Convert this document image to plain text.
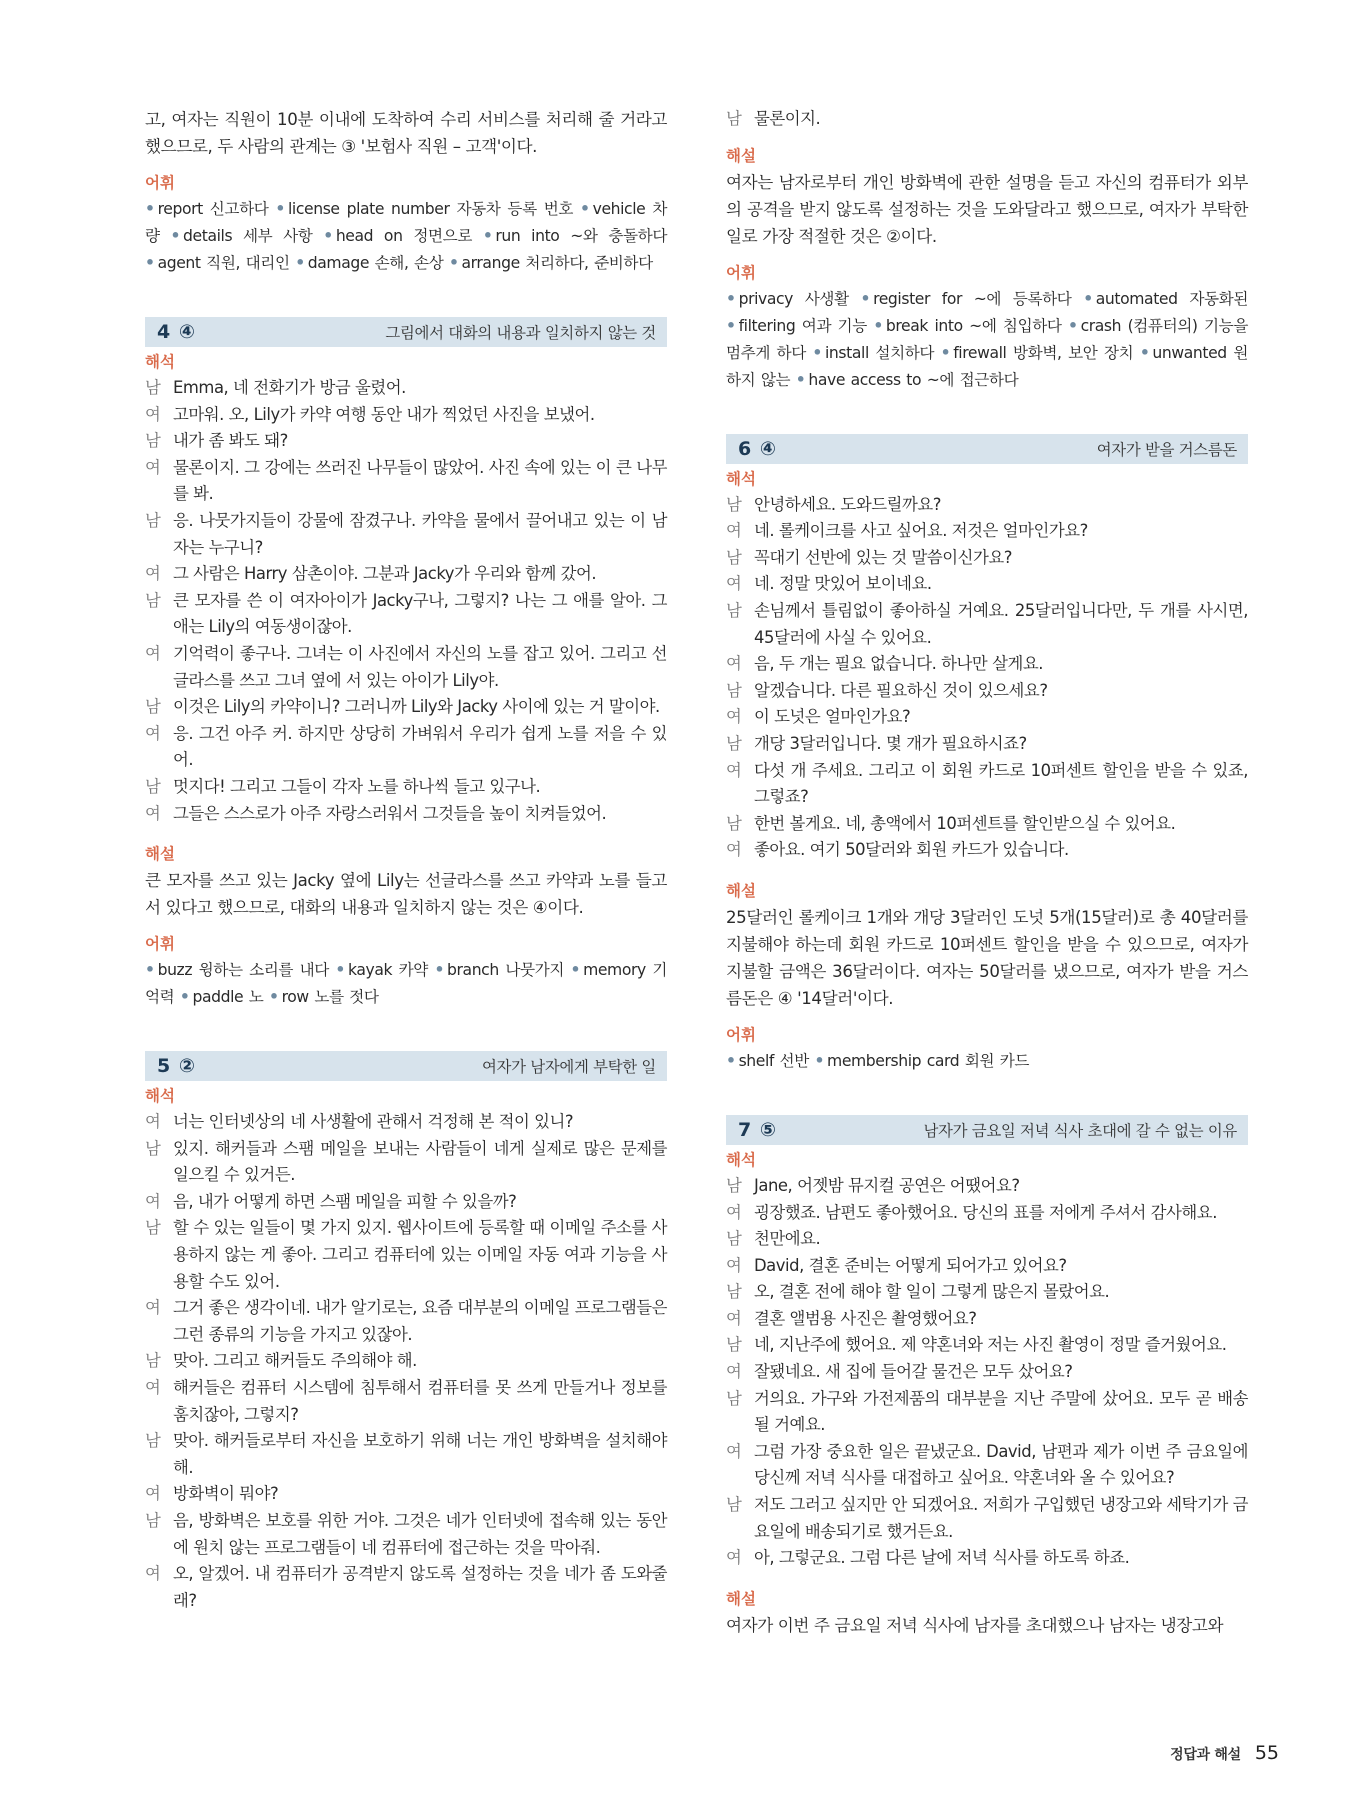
고, 여자는 직원이 10분 이내에 도착하여 수리 서비스를 처리해 줄 거라고 했으므로, 두 사람의 관계는 ③ '보험사 직원 – 고객'이다.

어휘
• report 신고하다 • license plate number 자동차 등록 번호 • vehicle 차량 • details 세부 사항 • head on 정면으로 • run into ~와 충돌하다 • agent 직원, 대리인 • damage 손해, 손상 • arrange 처리하다, 준비하다
4 ④	그림에서 대화의 내용과 일치하지 않는 것
해석
남 Emma, 네 전화기가 방금 울렸어.
여 고마워. 오, Lily가 카약 여행 동안 내가 찍었던 사진을 보냈어.
남 내가 좀 봐도 돼?
여 물론이지. 그 강에는 쓰러진 나무들이 많았어. 사진 속에 있는 이 큰 나무를 봐.
남 응. 나뭇가지들이 강물에 잠겼구나. 카약을 물에서 끌어내고 있는 이 남자는 누구니?
여 그 사람은 Harry 삼촌이야. 그분과 Jacky가 우리와 함께 갔어.
남 큰 모자를 쓴 이 여자아이가 Jacky구나, 그렇지? 나는 그 애를 알아. 그 애는 Lily의 여동생이잖아.
여 기억력이 좋구나. 그녀는 이 사진에서 자신의 노를 잡고 있어. 그리고 선글라스를 쓰고 그녀 옆에 서 있는 아이가 Lily야.
남 이것은 Lily의 카약이니? 그러니까 Lily와 Jacky 사이에 있는 거 말이야.
여 응. 그건 아주 커. 하지만 상당히 가벼워서 우리가 쉽게 노를 저을 수 있어.
남 멋지다! 그리고 그들이 각자 노를 하나씩 들고 있구나.
여 그들은 스스로가 아주 자랑스러워서 그것들을 높이 치켜들었어.
해설

큰 모자를 쓰고 있는 Jacky 옆에 Lily는 선글라스를 쓰고 카약과 노를 들고 서 있다고 했으므로, 대화의 내용과 일치하지 않는 것은 ④이다.

어휘
• buzz 윙하는 소리를 내다 • kayak 카약 • branch 나뭇가지 • memory 기억력 • paddle 노 • row 노를 젓다
5 ②	여자가 남자에게 부탁한 일
해석
여 너는 인터넷상의 네 사생활에 관해서 걱정해 본 적이 있니?
남 있지. 해커들과 스팸 메일을 보내는 사람들이 네게 실제로 많은 문제를 일으킬 수 있거든.
여 음, 내가 어떻게 하면 스팸 메일을 피할 수 있을까?
남 할 수 있는 일들이 몇 가지 있지. 웹사이트에 등록할 때 이메일 주소를 사용하지 않는 게 좋아. 그리고 컴퓨터에 있는 이메일 자동 여과 기능을 사용할 수도 있어.
여 그거 좋은 생각이네. 내가 알기로는, 요즘 대부분의 이메일 프로그램들은 그런 종류의 기능을 가지고 있잖아.
남 맞아. 그리고 해커들도 주의해야 해.
여 해커들은 컴퓨터 시스템에 침투해서 컴퓨터를 못 쓰게 만들거나 정보를 훔치잖아, 그렇지?
남 맞아. 해커들로부터 자신을 보호하기 위해 너는 개인 방화벽을 설치해야 해.
여 방화벽이 뭐야?
남 음, 방화벽은 보호를 위한 거야. 그것은 네가 인터넷에 접속해 있는 동안에 원치 않는 프로그램들이 네 컴퓨터에 접근하는 것을 막아줘.
여 오, 알겠어. 내 컴퓨터가 공격받지 않도록 설정하는 것을 네가 좀 도와줄래?
남 물론이지.
해설

여자는 남자로부터 개인 방화벽에 관한 설명을 듣고 자신의 컴퓨터가 외부의 공격을 받지 않도록 설정하는 것을 도와달라고 했으므로, 여자가 부탁한 일로 가장 적절한 것은 ②이다.

어휘
• privacy 사생활 • register for ~에 등록하다 • automated 자동화된 • filtering 여과 기능 • break into ~에 침입하다 • crash (컴퓨터의) 기능을 멈추게 하다 • install 설치하다 • firewall 방화벽, 보안 장치 • unwanted 원하지 않는 • have access to ~에 접근하다
6 ④	여자가 받을 거스름돈
해석
남 안녕하세요. 도와드릴까요?
여 네. 롤케이크를 사고 싶어요. 저것은 얼마인가요?
남 꼭대기 선반에 있는 것 말씀이신가요?
여 네. 정말 맛있어 보이네요.
남 손님께서 틀림없이 좋아하실 거예요. 25달러입니다만, 두 개를 사시면, 45달러에 사실 수 있어요.
여 음, 두 개는 필요 없습니다. 하나만 살게요.
남 알겠습니다. 다른 필요하신 것이 있으세요?
여 이 도넛은 얼마인가요?
남 개당 3달러입니다. 몇 개가 필요하시죠?
여 다섯 개 주세요. 그리고 이 회원 카드로 10퍼센트 할인을 받을 수 있죠, 그렇죠?
남 한번 볼게요. 네, 총액에서 10퍼센트를 할인받으실 수 있어요.
여 좋아요. 여기 50달러와 회원 카드가 있습니다.
해설

25달러인 롤케이크 1개와 개당 3달러인 도넛 5개(15달러)로 총 40달러를 지불해야 하는데 회원 카드로 10퍼센트 할인을 받을 수 있으므로, 여자가 지불할 금액은 36달러이다. 여자는 50달러를 냈으므로, 여자가 받을 거스름돈은 ④ '14달러'이다.

어휘
• shelf 선반 • membership card 회원 카드
7 ⑤	남자가 금요일 저녁 식사 초대에 갈 수 없는 이유
해석
남 Jane, 어젯밤 뮤지컬 공연은 어땠어요?
여 굉장했죠. 남편도 좋아했어요. 당신의 표를 저에게 주셔서 감사해요.
남 천만에요.
여 David, 결혼 준비는 어떻게 되어가고 있어요?
남 오, 결혼 전에 해야 할 일이 그렇게 많은지 몰랐어요.
여 결혼 앨범용 사진은 촬영했어요?
남 네, 지난주에 했어요. 제 약혼녀와 저는 사진 촬영이 정말 즐거웠어요.
여 잘됐네요. 새 집에 들어갈 물건은 모두 샀어요?
남 거의요. 가구와 가전제품의 대부분을 지난 주말에 샀어요. 모두 곧 배송될 거예요.
여 그럼 가장 중요한 일은 끝냈군요. David, 남편과 제가 이번 주 금요일에 당신께 저녁 식사를 대접하고 싶어요. 약혼녀와 올 수 있어요?
남 저도 그러고 싶지만 안 되겠어요. 저희가 구입했던 냉장고와 세탁기가 금요일에 배송되기로 했거든요.
여 아, 그렇군요. 그럼 다른 날에 저녁 식사를 하도록 하죠.
해설

여자가 이번 주 금요일 저녁 식사에 남자를 초대했으나 남자는 냉장고와

정답과 해설 55
